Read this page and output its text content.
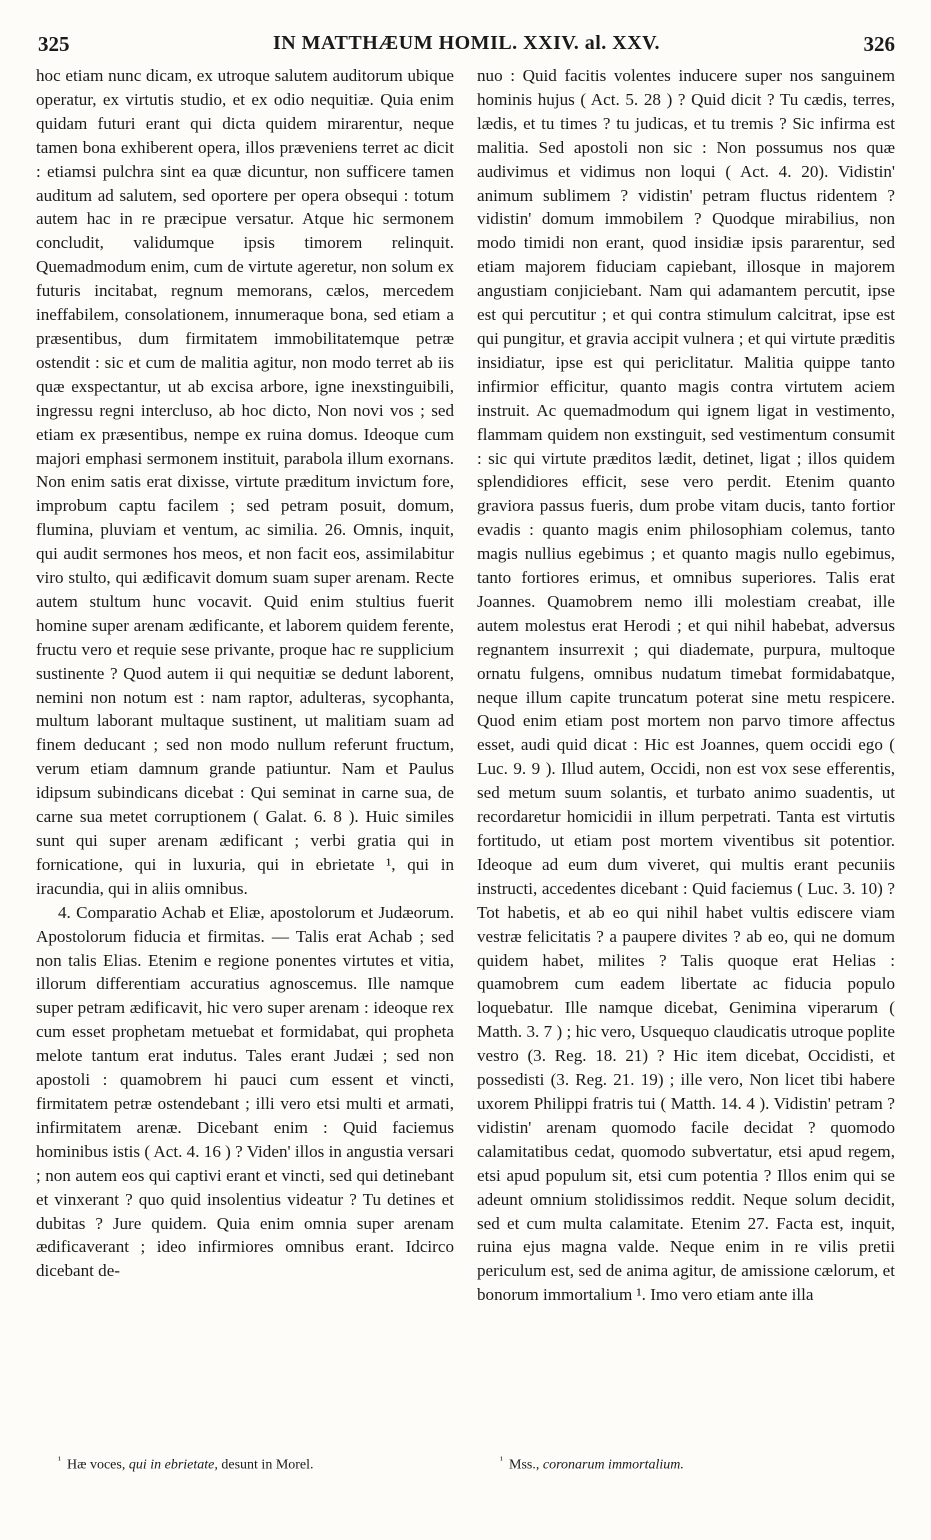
325	IN MATTHÆUM HOMIL. XXIV. al. XXV.	326

hoc etiam nunc dicam, ex utroque salutem auditorum ubique operatur, ex virtutis studio, et ex odio nequitiæ. Quia enim quidam futuri erant qui dicta quidem mirarentur, neque tamen bona exhiberent opera, illos præveniens terret ac dicit : etiamsi pulchra sint ea quæ dicuntur, non sufficere tamen auditum ad salutem, sed oportere per opera obsequi : totum autem hac in re præcipue versatur. Atque hic sermonem concludit, validumque ipsis timorem relinquit. Quemadmodum enim, cum de virtute ageretur, non solum ex futuris incitabat, regnum memorans, cælos, mercedem ineffabilem, consolationem, innumeraque bona, sed etiam a præsentibus, dum firmitatem immobilitatemque petræ ostendit : sic et cum de malitia agitur, non modo terret ab iis quæ exspectantur, ut ab excisa arbore, igne inexstinguibili, ingressu regni intercluso, ab hoc dicto, Non novi vos ; sed etiam ex præsentibus, nempe ex ruina domus. Ideoque cum majori emphasi sermonem instituit, parabola illum exornans. Non enim satis erat dixisse, virtute præditum invictum fore, improbum captu facilem ; sed petram posuit, domum, flumina, pluviam et ventum, ac similia. 26. Omnis, inquit, qui audit sermones hos meos, et non facit eos, assimilabitur viro stulto, qui ædificavit domum suam super arenam. Recte autem stultum hunc vocavit. Quid enim stultius fuerit homine super arenam ædificante, et laborem quidem ferente, fructu vero et requie sese privante, proque hac re supplicium sustinente ? Quod autem ii qui nequitiæ se dedunt laborent, nemini non notum est : nam raptor, adulteras, sycophanta, multum laborant multaque sustinent, ut malitiam suam ad finem deducant ; sed non modo nullum referunt fructum, verum etiam damnum grande patiuntur. Nam et Paulus idipsum subindicans dicebat : Qui seminat in carne sua, de carne sua metet corruptionem ( Galat. 6. 8 ). Huic similes sunt qui super arenam ædificant ; verbi gratia qui in fornicatione, qui in luxuria, qui in ebrietate ¹, qui in iracundia, qui in aliis omnibus.

4. Comparatio Achab et Eliæ, apostolorum et Judæorum. Apostolorum fiducia et firmitas. — Talis erat Achab ; sed non talis Elias. Etenim e regione ponentes virtutes et vitia, illorum differentiam accuratius agnoscemus. Ille namque super petram ædificavit, hic vero super arenam : ideoque rex cum esset prophetam metuebat et formidabat, qui propheta melote tantum erat indutus. Tales erant Judæi ; sed non apostoli : quamobrem hi pauci cum essent et vincti, firmitatem petræ ostendebant ; illi vero etsi multi et armati, infirmitatem arenæ. Dicebant enim : Quid faciemus hominibus istis ( Act. 4. 16 ) ? Viden' illos in angustia versari ; non autem eos qui captivi erant et vincti, sed qui detinebant et vinxerant ? quo quid insolentius videatur ? Tu detines et dubitas ? Jure quidem. Quia enim omnia super arenam ædificaverant ; ideo infirmiores omnibus erant. Idcirco dicebant de-

nuo : Quid facitis volentes inducere super nos sanguinem hominis hujus ( Act. 5. 28 ) ? Quid dicit ? Tu cædis, terres, lædis, et tu times ? tu judicas, et tu tremis ? Sic infirma est malitia. Sed apostoli non sic : Non possumus nos quæ audivimus et vidimus non loqui ( Act. 4. 20). Vidistin' animum sublimem ? vidistin' petram fluctus ridentem ? vidistin' domum immobilem ? Quodque mirabilius, non modo timidi non erant, quod insidiæ ipsis pararentur, sed etiam majorem fiduciam capiebant, illosque in majorem angustiam conjiciebant. Nam qui adamantem percutit, ipse est qui percutitur ; et qui contra stimulum calcitrat, ipse est qui pungitur, et gravia accipit vulnera ; et qui virtute præditis insidiatur, ipse est qui periclitatur. Malitia quippe tanto infirmior efficitur, quanto magis contra virtutem aciem instruit. Ac quemadmodum qui ignem ligat in vestimento, flammam quidem non exstinguit, sed vestimentum consumit : sic qui virtute præditos lædit, detinet, ligat ; illos quidem splendidiores efficit, sese vero perdit. Etenim quanto graviora passus fueris, dum probe vitam ducis, tanto fortior evadis : quanto magis enim philosophiam colemus, tanto magis nullius egebimus ; et quanto magis nullo egebimus, tanto fortiores erimus, et omnibus superiores. Talis erat Joannes. Quamobrem nemo illi molestiam creabat, ille autem molestus erat Herodi ; et qui nihil habebat, adversus regnantem insurrexit ; qui diademate, purpura, multoque ornatu fulgens, omnibus nudatum timebat formidabatque, neque illum capite truncatum poterat sine metu respicere. Quod enim etiam post mortem non parvo timore affectus esset, audi quid dicat : Hic est Joannes, quem occidi ego ( Luc. 9. 9 ). Illud autem, Occidi, non est vox sese efferentis, sed metum suum solantis, et turbato animo suadentis, ut recordaretur homicidii in illum perpetrati. Tanta est virtutis fortitudo, ut etiam post mortem viventibus sit potentior. Ideoque ad eum dum viveret, qui multis erant pecuniis instructi, accedentes dicebant : Quid faciemus ( Luc. 3. 10) ? Tot habetis, et ab eo qui nihil habet vultis ediscere viam vestræ felicitatis ? a paupere divites ? ab eo, qui ne domum quidem habet, milites ? Talis quoque erat Helias : quamobrem cum eadem libertate ac fiducia populo loquebatur. Ille namque dicebat, Genimina viperarum ( Matth. 3. 7 ) ; hic vero, Usquequo claudicatis utroque poplite vestro (3. Reg. 18. 21) ? Hic item dicebat, Occidisti, et possedisti (3. Reg. 21. 19) ; ille vero, Non licet tibi habere uxorem Philippi fratris tui ( Matth. 14. 4 ). Vidistin' petram ? vidistin' arenam quomodo facile decidat ? quomodo calamitatibus cedat, quomodo subvertatur, etsi apud regem, etsi apud populum sit, etsi cum potentia ? Illos enim qui se adeunt omnium stolidissimos reddit. Neque solum decidit, sed et cum multa calamitate. Etenim 27. Facta est, inquit, ruina ejus magna valde. Neque enim in re vilis pretii periculum est, sed de anima agitur, de amissione cælorum, et bonorum immortalium ¹. Imo vero etiam ante illa

$^{^1}$ Hæ voces, qui in ebrietate, desunt in Morel.	$^{^1}$ Mss., coronarum immortalium.
